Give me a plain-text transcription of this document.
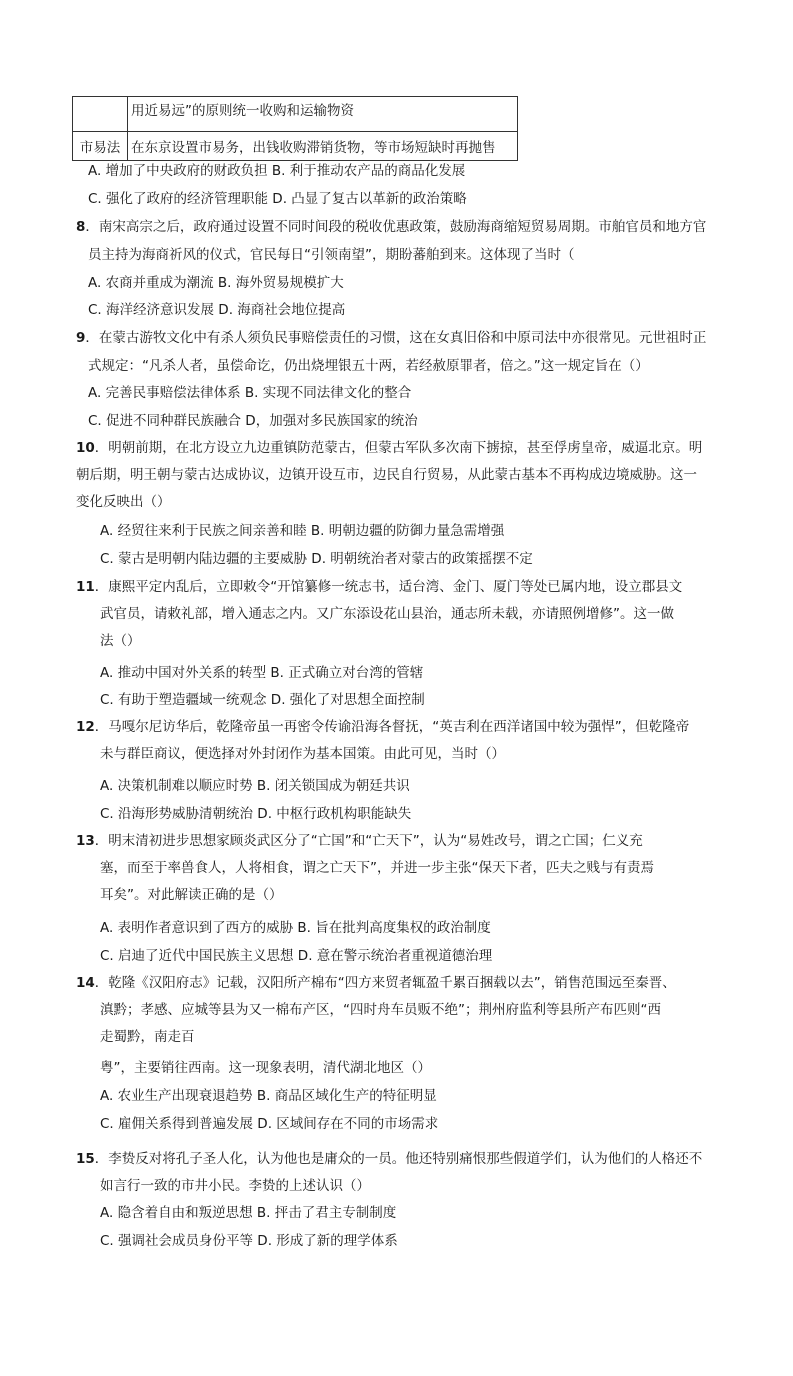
	用近易远”的原则统一收购和运输物资
市易法	在东京设置市易务，出钱收购滞销货物，等市场短缺时再抛售
A. 增加了中央政府的财政负担 B. 利于推动农产品的商品化发展
C. 强化了政府的经济管理职能 D. 凸显了复古以革新的政治策略
8．南宋高宗之后，政府通过设置不同时间段的税收优惠政策，鼓励海商缩短贸易周期。市舶官员和地方官
员主持为海商祈风的仪式，官民每日“引领南望”，期盼蕃舶到来。这体现了当时（
A. 农商并重成为潮流 B. 海外贸易规模扩大
C. 海洋经济意识发展 D. 海商社会地位提高
9．在蒙古游牧文化中有杀人须负民事赔偿责任的习惯，这在女真旧俗和中原司法中亦很常见。元世祖时正
式规定：“凡杀人者，虽偿命讫，仍出烧埋银五十两，若经赦原罪者，倍之。”这一规定旨在（）
A. 完善民事赔偿法律体系 B. 实现不同法律文化的整合
C. 促进不同种群民族融合 D，加强对多民族国家的统治
10．明朝前期，在北方设立九边重镇防范蒙古，但蒙古军队多次南下掳掠，甚至俘虏皇帝，威逼北京。明
朝后期，明王朝与蒙古达成协议，边镇开设互市，边民自行贸易，从此蒙古基本不再构成边境威胁。这一
变化反映出（）
A. 经贸往来利于民族之间亲善和睦 B. 明朝边疆的防御力量急需增强
C. 蒙古是明朝内陆边疆的主要威胁 D. 明朝统治者对蒙古的政策摇摆不定
11．康熙平定内乱后，立即敕令“开馆纂修一统志书，适台湾、金门、厦门等处已属内地，设立郡县文
武官员，请敕礼部，增入通志之内。又广东添设花山县治，通志所未载，亦请照例增修”。这一做
法（）
A. 推动中国对外关系的转型 B. 正式确立对台湾的管辖
C. 有助于塑造疆域一统观念 D. 强化了对思想全面控制
12．马嘎尔尼访华后，乾隆帝虽一再密令传谕沿海各督抚，“英吉利在西洋诸国中较为强悍”，但乾隆帝
未与群臣商议，便选择对外封闭作为基本国策。由此可见，当时（）
A. 决策机制难以顺应时势 B. 闭关锁国成为朝廷共识
C. 沿海形势威胁清朝统治 D. 中枢行政机构职能缺失
13．明末清初进步思想家顾炎武区分了“亡国”和“亡天下”，认为“易姓改号，谓之亡国；仁义充
塞，而至于率兽食人，人将相食，谓之亡天下”，并进一步主张“保天下者，匹夫之贱与有责焉
耳矣”。对此解读正确的是（）
A. 表明作者意识到了西方的威胁 B. 旨在批判高度集权的政治制度
C. 启迪了近代中国民族主义思想 D. 意在警示统治者重视道德治理
14．乾隆《汉阳府志》记载，汉阳所产棉布“四方来贸者辄盈千累百捆载以去”，销售范围远至秦晋、
滇黔；孝感、应城等县为又一棉布产区，“四时舟车员贩不绝”；荆州府监利等县所产布匹则“西
走蜀黔，南走百
粤”，主要销往西南。这一现象表明，清代湖北地区（）
A. 农业生产出现衰退趋势 B. 商品区域化生产的特征明显
C. 雇佣关系得到普遍发展 D. 区域间存在不同的市场需求
15．李贽反对将孔子圣人化，认为他也是庸众的一员。他还特别痛恨那些假道学们，认为他们的人格还不
如言行一致的市井小民。李贽的上述认识（）
A. 隐含着自由和叛逆思想 B. 抨击了君主专制制度
C. 强调社会成员身份平等 D. 形成了新的理学体系
